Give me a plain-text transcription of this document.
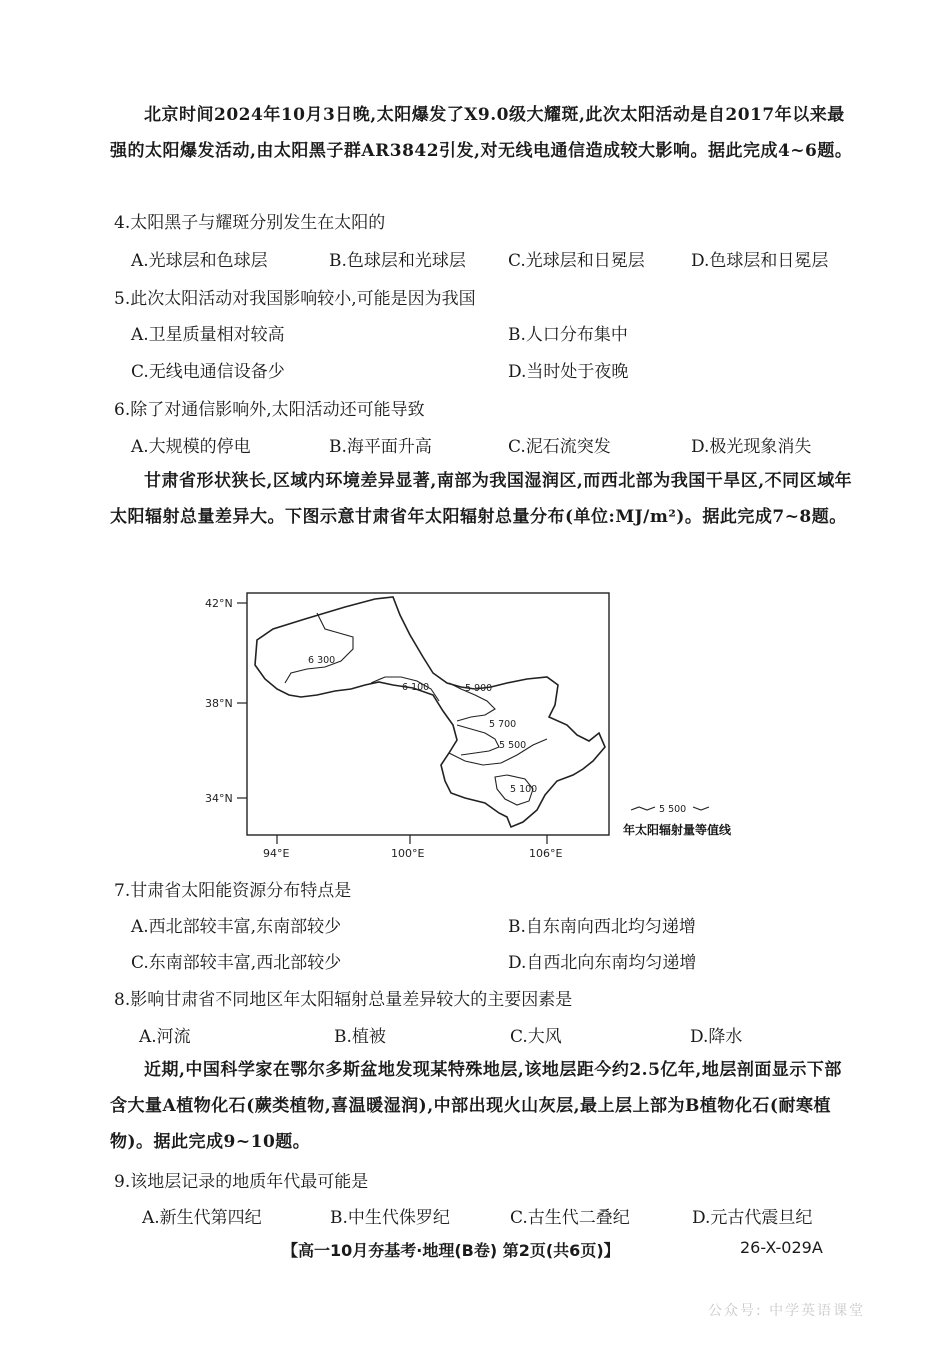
北京时间2024年10月3日晚,太阳爆发了X9.0级大耀斑,此次太阳活动是自2017年以来最强的太阳爆发活动,由太阳黑子群AR3842引发,对无线电通信造成较大影响。据此完成4~6题。

4.太阳黑子与耀斑分别发生在太阳的

A.光球层和色球层	B.色球层和光球层 C.光球层和日冕层	D.色球层和日冕层

5.此次太阳活动对我国影响较小,可能是因为我国

A.卫星质量相对较高	B.人口分布集中
C.无线电通信设备少	D.当时处于夜晚

6.除了对通信影响外,太阳活动还可能导致

A.大规模的停电	B.海平面升高	C.泥石流突发	D.极光现象消失

甘肃省形状狭长,区域内环境差异显著,南部为我国湿润区,而西北部为我国干旱区,不同区域年太阳辐射总量差异大。下图示意甘肃省年太阳辐射总量分布(单位:MJ/m²)。据此完成7~8题。

42°N
38°N
34°N
94°E	100°E	106°E
6 300
6 100	5 900
5 700
5 500
5 100
5 500
年太阳辐射量等值线

7.甘肃省太阳能资源分布特点是

A.西北部较丰富,东南部较少	B.自东南向西北均匀递增
C.东南部较丰富,西北部较少	D.自西北向东南均匀递增

8.影响甘肃省不同地区年太阳辐射总量差异较大的主要因素是

A.河流	B.植被	C.大风	D.降水

近期,中国科学家在鄂尔多斯盆地发现某特殊地层,该地层距今约2.5亿年,地层剖面显示下部含大量A植物化石(蕨类植物,喜温暖湿润),中部出现火山灰层,最上层上部为B植物化石(耐寒植物)。据此完成9~10题。

9.该地层记录的地质年代最可能是

A.新生代第四纪	B.中生代侏罗纪	C.古生代二叠纪	D.元古代震旦纪
【高一10月夯基考·地理(B卷) 第2页(共6页)】	26-X-029A
公众号: 中学英语课堂
